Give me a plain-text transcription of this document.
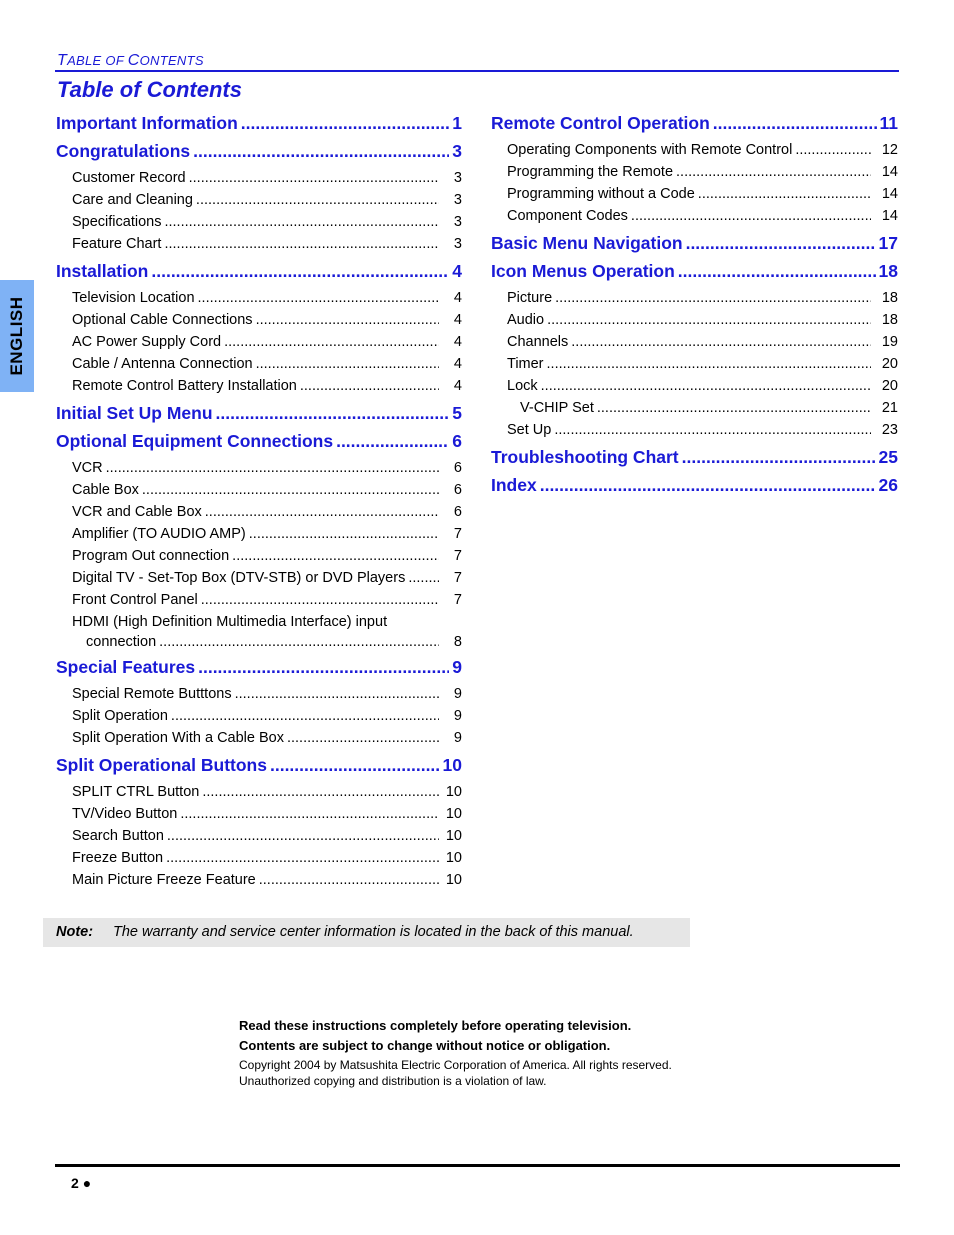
TABLE OF CONTENTS
Table of Contents
ENGLISH
Important Information .....	1
Congratulations .....	3
Customer Record .....	3
Care and Cleaning .....	3
Specifications .....	3
Feature Chart .....	3
Installation .....	4
Television Location .....	4
Optional Cable Connections .....	4
AC Power Supply Cord .....	4
Cable / Antenna Connection .....	4
Remote Control Battery Installation .....	4
Initial Set Up Menu .....	5
Optional Equipment Connections .....	6
VCR .....	6
Cable Box .....	6
VCR and Cable Box .....	6
Amplifier (TO AUDIO AMP) .....	7
Program Out connection .....	7
Digital TV - Set-Top Box (DTV-STB) or DVD Players .....	7
Front Control Panel .....	7
HDMI (High Definition Multimedia Interface) input
connection .....	8
Special Features .....	9
Special Remote Butttons .....	9
Split Operation .....	9
Split Operation With a Cable Box .....	9
Split Operational Buttons .....	10
SPLIT CTRL Button .....	10
TV/Video Button .....	10
Search Button .....	10
Freeze Button .....	10
Main Picture Freeze Feature .....	10
Remote Control Operation .....	11
Operating Components with Remote Control .....	12
Programming the Remote .....	14
Programming without a Code .....	14
Component Codes .....	14
Basic Menu Navigation .....	17
Icon Menus Operation .....	18
Picture .....	18
Audio .....	18
Channels .....	19
Timer .....	20
Lock .....	20
V-CHIP Set .....	21
Set Up .....	23
Troubleshooting Chart .....	25
Index .....	26
Note: The warranty and service center information is located in the back of this manual.
Read these instructions completely before operating television.
Contents are subject to change without notice or obligation.
Copyright 2004 by Matsushita Electric Corporation of America. All rights reserved.
Unauthorized copying and distribution is a violation of law.
2 ●
